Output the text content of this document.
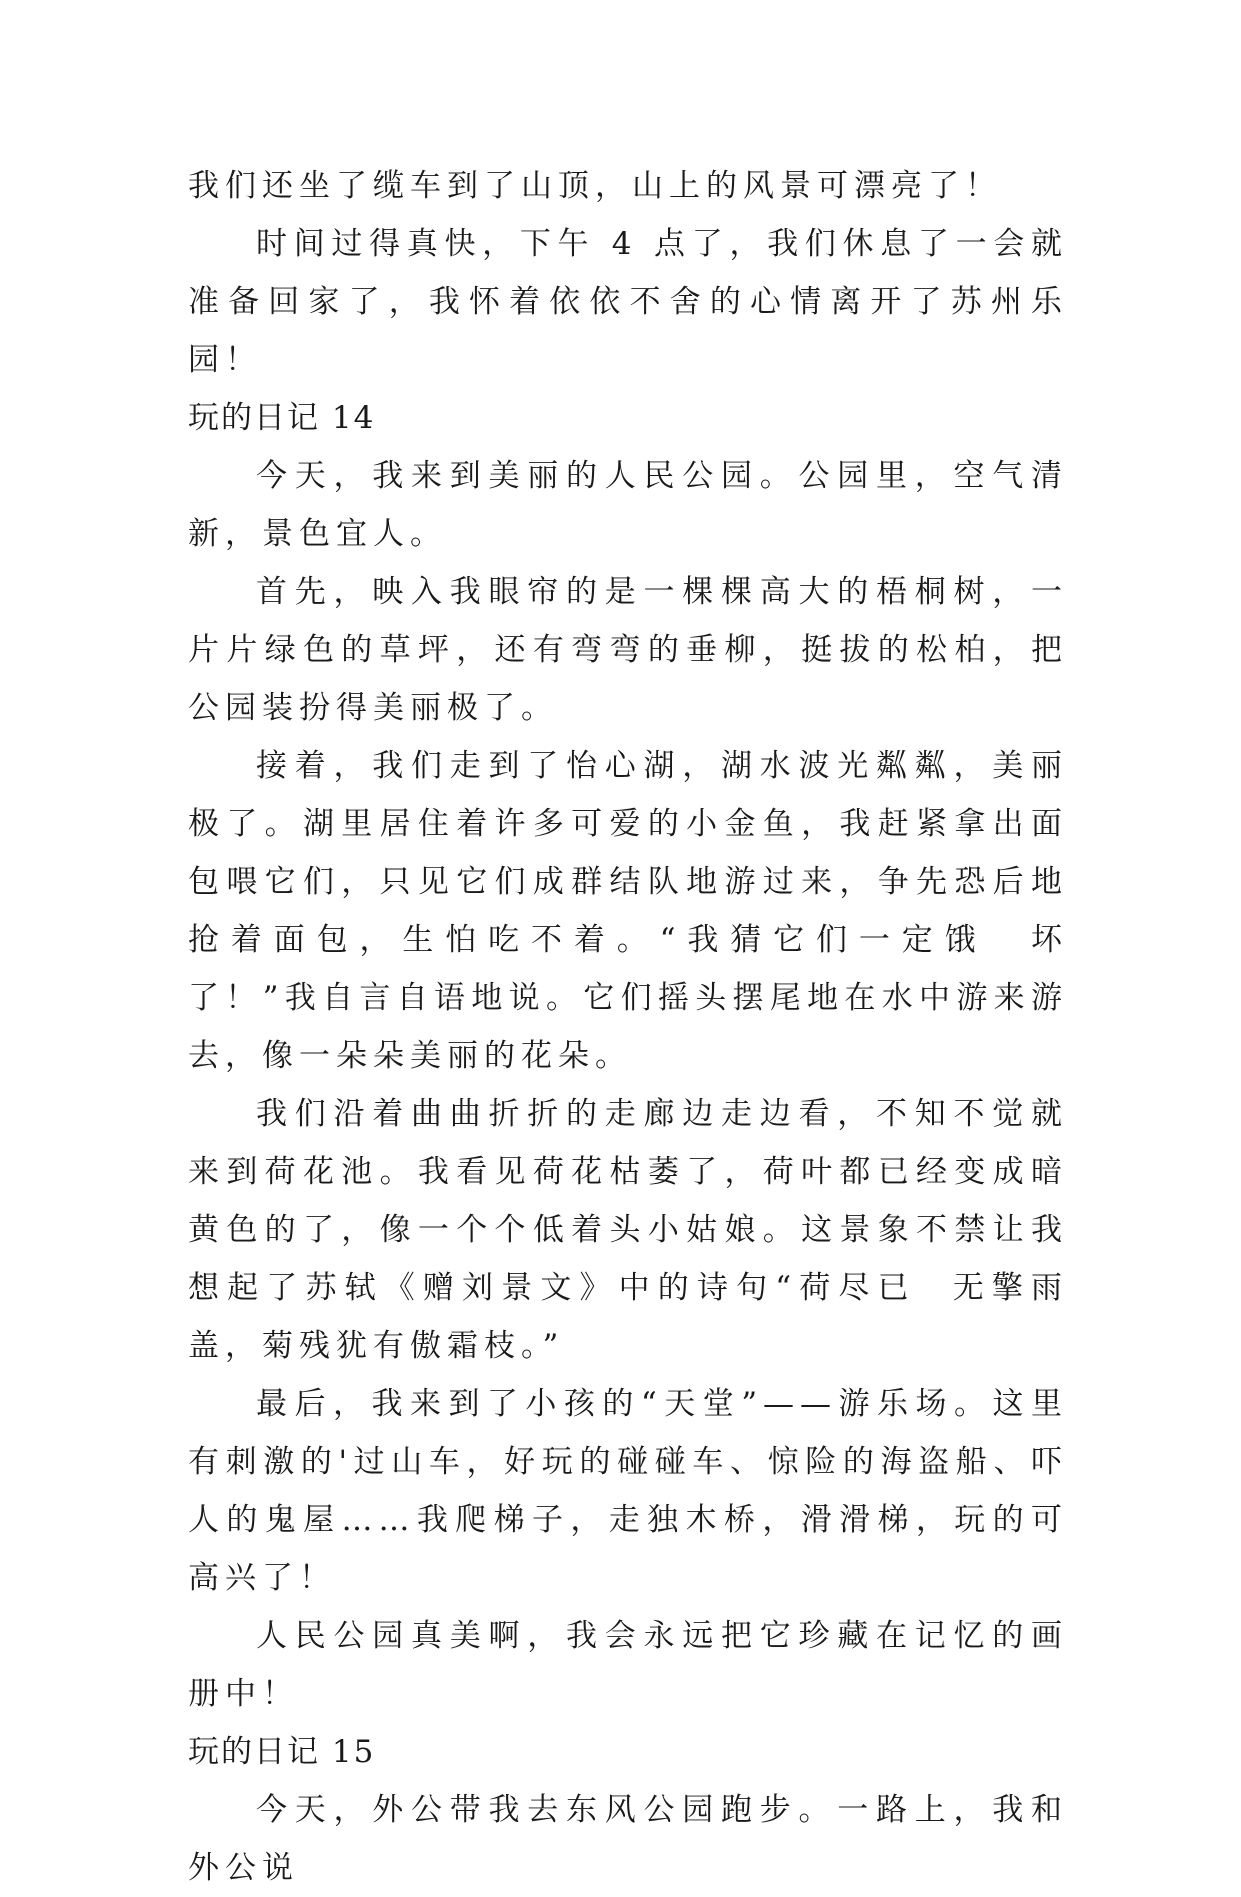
我们还坐了缆车到了山顶，山上的风景可漂亮了！

时间过得真快，下午 4 点了，我们休息了一会就准备回家了，我怀着依依不舍的心情离开了苏州乐园！

玩的日记 14

今天，我来到美丽的人民公园。公园里，空气清新，景色宜人。

首先，映入我眼帘的是一棵棵高大的梧桐树，一片片绿色的草坪，还有弯弯的垂柳，挺拔的松柏，把公园装扮得美丽极了。

接着，我们走到了怡心湖，湖水波光粼粼，美丽极了。湖里居住着许多可爱的小金鱼，我赶紧拿出面包喂它们，只见它们成群结队地游过来，争先恐后地抢着面包，生怕吃不着。“我猜它们一定饿  坏了！”我自言自语地说。它们摇头摆尾地在水中游来游去，像一朵朵美丽的花朵。

我们沿着曲曲折折的走廊边走边看，不知不觉就来到荷花池。我看见荷花枯萎了，荷叶都已经变成暗黄色的了，像一个个低着头小姑娘。这景象不禁让我想起了苏轼《赠刘景文》中的诗句“荷尽已  无擎雨盖，菊残犹有傲霜枝。”

最后，我来到了小孩的“天堂”——游乐场。这里有刺激的'过山车，好玩的碰碰车、惊险的海盗船、吓人的鬼屋……我爬梯子，走独木桥，滑滑梯，玩的可高兴了！

人民公园真美啊，我会永远把它珍藏在记忆的画册中！

玩的日记 15

今天，外公带我去东风公园跑步。一路上，我和外公说
